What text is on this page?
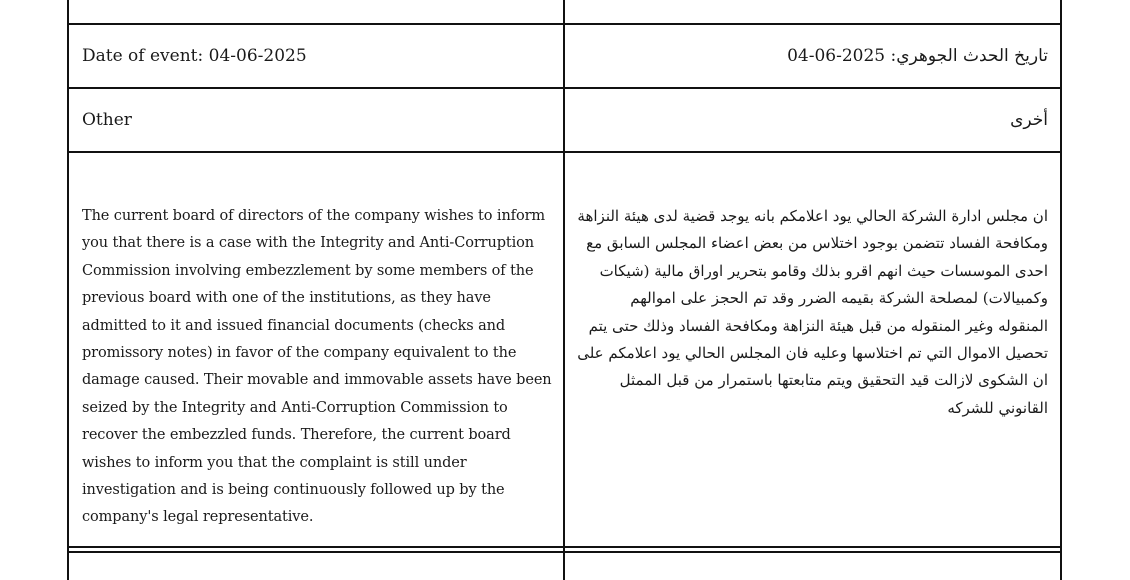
Date of event: 04-06-2025	تاريخ الحدث الجوهري: 2025-06-04
Other	أخرى
The current board of directors of the company wishes to inform you that there is a case with the Integrity and Anti-Corruption Commission involving embezzlement by some members of the previous board with one of the institutions, as they have admitted to it and issued financial documents (checks and promissory notes) in favor of the company equivalent to the damage caused. Their movable and immovable assets have been seized by the Integrity and Anti-Corruption Commission to recover the embezzled funds. Therefore, the current board wishes to inform you that the complaint is still under investigation and is being continuously followed up by the company's legal representative.
ان مجلس ادارة الشركة الحالي يود اعلامكم بانه يوجد قضية لدى هيئة النزاهة ومكافحة الفساد تتضمن بوجود اختلاس من بعض اعضاء المجلس السابق مع احدى الموسسات حيث انهم اقرو بذلك وقامو بتحرير اوراق مالية (شيكات وكمبيالات) لمصلحة الشركة بقيمه الضرر وقد تم الحجز على اموالهم المنقوله وغير المنقوله من قبل هيئة النزاهة ومكافحة الفساد وذلك حتى يتم تحصيل الاموال التي تم اختلاسها وعليه فان المجلس الحالي يود اعلامكم على ان الشكوى لازالت قيد التحقيق ويتم متابعتها باستمرار من قبل الممثل القانوني للشركه
